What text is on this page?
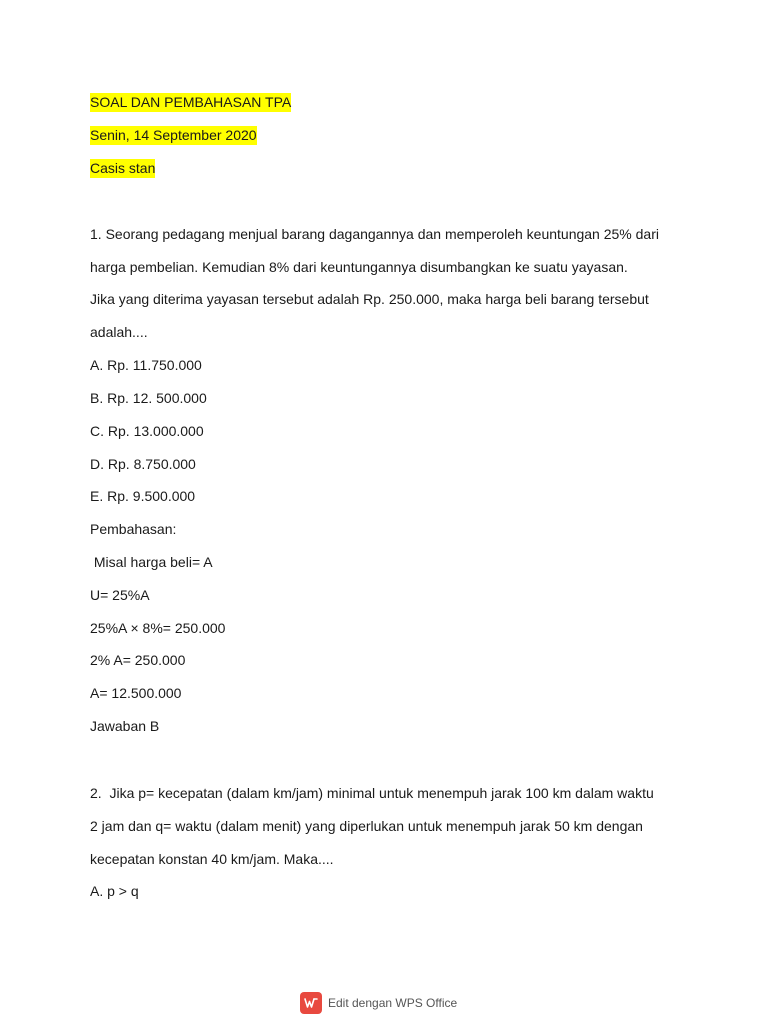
SOAL DAN PEMBAHASAN TPA
Senin, 14 September 2020
Casis stan
1. Seorang pedagang menjual barang dagangannya dan memperoleh keuntungan 25% dari
harga pembelian. Kemudian 8% dari keuntungannya disumbangkan ke suatu yayasan.
Jika yang diterima yayasan tersebut adalah Rp. 250.000, maka harga beli barang tersebut
adalah....
A. Rp. 11.750.000
B. Rp. 12. 500.000
C. Rp. 13.000.000
D. Rp. 8.750.000
E. Rp. 9.500.000
Pembahasan:
Misal harga beli= A
U= 25%A
25%A × 8%= 250.000
2% A= 250.000
A= 12.500.000
Jawaban B
2.  Jika p= kecepatan (dalam km/jam) minimal untuk menempuh jarak 100 km dalam waktu
2 jam dan q= waktu (dalam menit) yang diperlukan untuk menempuh jarak 50 km dengan
kecepatan konstan 40 km/jam. Maka....
A. p > q
Edit dengan WPS Office
